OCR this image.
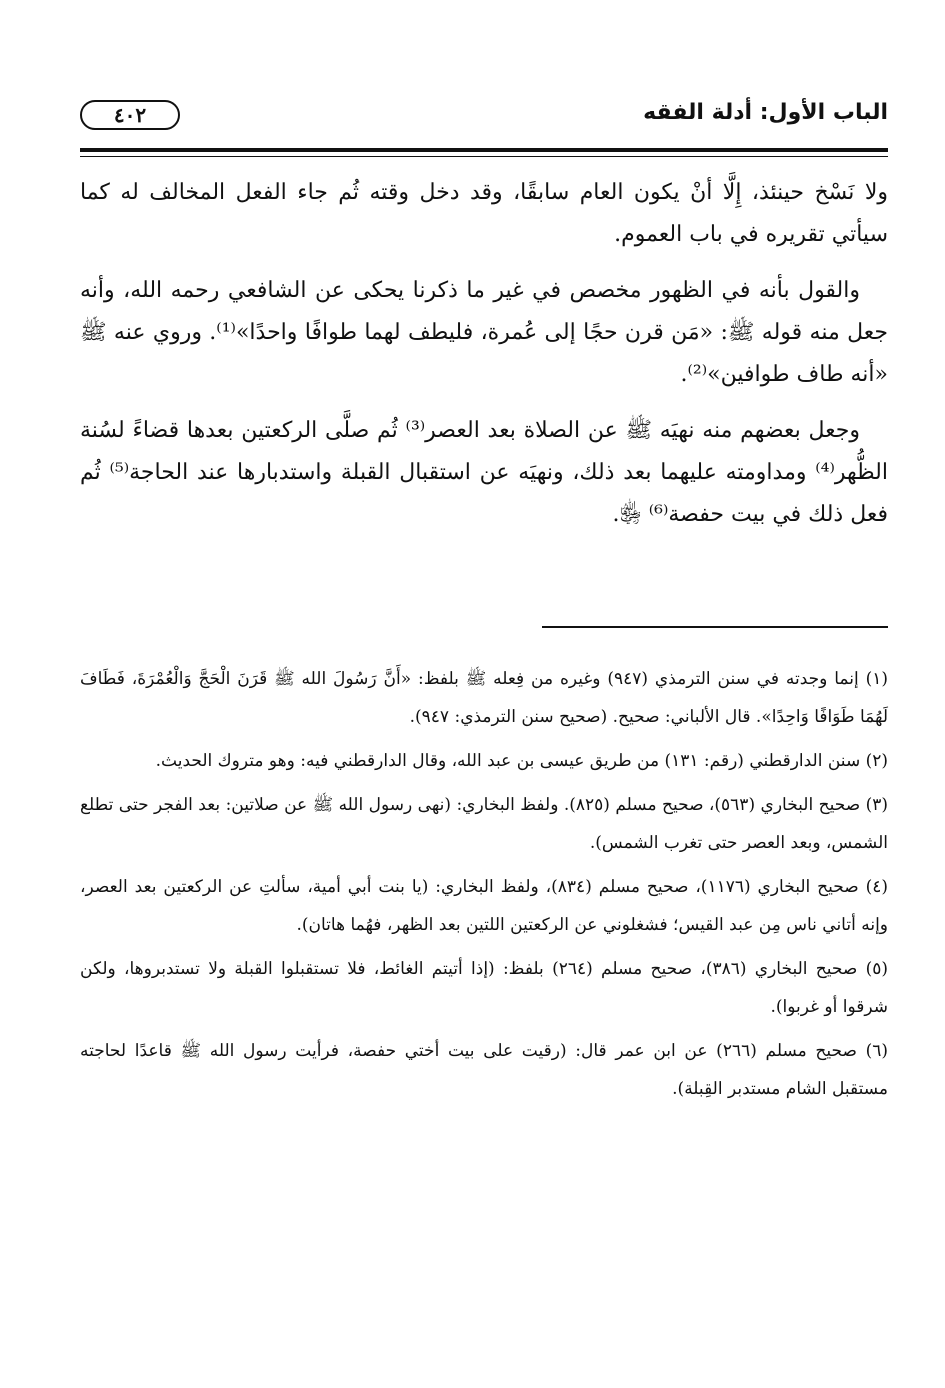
الباب الأول: أدلة الفقه
٤٠٢

ولا نَسْخ حينئذ، إِلَّا أنْ يكون العام سابقًا، وقد دخل وقته ثُم جاء الفعل المخالف له كما سيأتي تقريره في باب العموم.

والقول بأنه في الظهور مخصص في غير ما ذكرنا يحكى عن الشافعي رحمه الله، وأنه جعل منه قوله ﷺ: «مَن قرن حجًا إلى عُمرة، فليطف لهما طوافًا واحدًا»⁽¹⁾. وروي عنه ﷺ «أنه طاف طوافين»⁽²⁾.

وجعل بعضهم منه نهيَه ﷺ عن الصلاة بعد العصر⁽³⁾ ثُم صلَّى الركعتين بعدها قضاءً لسُنة الظُّهر⁽⁴⁾ ومداومته عليهما بعد ذلك، ونهيَه عن استقبال القبلة واستدبارها عند الحاجة⁽⁵⁾ ثُم فعل ذلك في بيت حفصة⁽⁶⁾ ﵂.

(١) إنما وجدته في سنن الترمذي (٩٤٧) وغيره من فِعله ﷺ بلفظ: «أَنَّ رَسُولَ الله ﷺ قَرَنَ الْحَجَّ وَالْعُمْرَةَ، فَطَافَ لَهُمَا طَوَافًا وَاحِدًا». قال الألباني: صحيح. (صحيح سنن الترمذي: ٩٤٧).

(٢) سنن الدارقطني (رقم: ١٣١) من طريق عيسى بن عبد الله، وقال الدارقطني فيه: وهو متروك الحديث.

(٣) صحيح البخاري (٥٦٣)، صحيح مسلم (٨٢٥). ولفظ البخاري: (نهى رسول الله ﷺ عن صلاتين: بعد الفجر حتى تطلع الشمس، وبعد العصر حتى تغرب الشمس).

(٤) صحيح البخاري (١١٧٦)، صحيح مسلم (٨٣٤)، ولفظ البخاري: (يا بنت أبي أمية، سألتِ عن الركعتين بعد العصر، وإنه أتاني ناس مِن عبد القيس؛ فشغلوني عن الركعتين اللتين بعد الظهر، فهُما هاتان).

(٥) صحيح البخاري (٣٨٦)، صحيح مسلم (٢٦٤) بلفظ: (إذا أتيتم الغائط، فلا تستقبلوا القبلة ولا تستدبروها، ولكن شرقوا أو غربوا).

(٦) صحيح مسلم (٢٦٦) عن ابن عمر قال: (رقيت على بيت أختي حفصة، فرأيت رسول الله ﷺ قاعدًا لحاجته مستقبل الشام مستدبر القِبلة).
